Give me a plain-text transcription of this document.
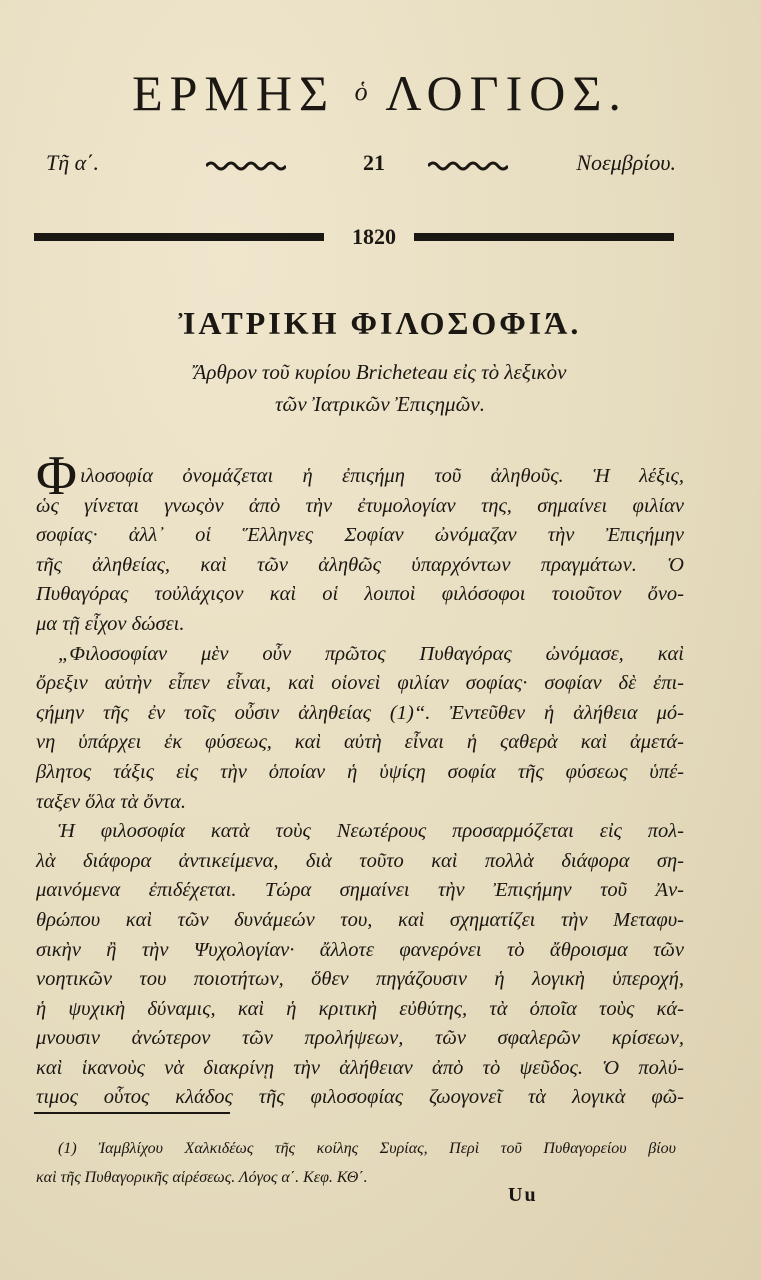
ΕΡΜΗΣ $^ὁ$ ΛΟΓΙΟΣ.
Τῆ α΄.	21	Νοεμβρίου.
1820
ἸΑΤΡΙΚΗ ΦΙΛΟΣΟΦΙΆ.
Ἄρθρον τοῦ κυρίου Bricheteau εἰς τὸ λεξικὸν
τῶν Ἰατρικῶν Ἐπιςημῶν.
Φ ιλοσοφία ὀνομάζεται ἡ ἐπιςήμη τοῦ ἀληθοῦς. Ἡ λέξις,
ὡς γίνεται γνωςὸν ἀπὸ τὴν ἐτυμολογίαν της, σημαίνει φιλίαν
σοφίας· ἀλλ᾽ οἱ Ἕλληνες Σοφίαν ὠνόμαζαν τὴν Ἐπιςήμην
τῆς ἀληθείας, καὶ τῶν ἀληθῶς ὑπαρχόντων πραγμάτων. Ὁ
Πυθαγόρας τοὐλάχιςον καὶ οἱ λοιποὶ φιλόσοφοι τοιοῦτον ὄνο-
μα τῇ εἶχον δώσει.
„Φιλοσοφίαν μὲν οὖν πρῶτος Πυθαγόρας ὠνόμασε, καὶ
ὄρεξιν αὐτὴν εἶπεν εἶναι, καὶ οἱονεὶ φιλίαν σοφίας· σοφίαν δὲ ἐπι-
ςήμην τῆς ἐν τοῖς οὖσιν ἀληθείας (1)“. Ἐντεῦθεν ἡ ἀλήθεια μό-
νη ὑπάρχει ἐκ φύσεως, καὶ αὐτὴ εἶναι ἡ ςαθερὰ καὶ ἀμετά-
βλητος τάξις εἰς τὴν ὁποίαν ἡ ὑψίςη σοφία τῆς φύσεως ὑπέ-
ταξεν ὅλα τὰ ὄντα.
Ἡ φιλοσοφία κατὰ τοὺς Νεωτέρους προσαρμόζεται εἰς πολ-
λὰ διάφορα ἀντικείμενα, διὰ τοῦτο καὶ πολλὰ διάφορα ση-
μαινόμενα ἐπιδέχεται. Τώρα σημαίνει τὴν Ἐπιςήμην τοῦ Ἀν-
θρώπου καὶ τῶν δυνάμεών του, καὶ σχηματίζει τὴν Μεταφυ-
σικὴν ἢ τὴν Ψυχολογίαν· ἄλλοτε φανερόνει τὸ ἄθροισμα τῶν
νοητικῶν του ποιοτήτων, ὅθεν πηγάζουσιν ἡ λογικὴ ὑπεροχή,
ἡ ψυχικὴ δύναμις, καὶ ἡ κριτικὴ εὐθύτης, τὰ ὁποῖα τοὺς κά-
μνουσιν ἀνώτερον τῶν προλήψεων, τῶν σφαλερῶν κρίσεων,
καὶ ἱκανοὺς νὰ διακρίνῃ τὴν ἀλήθειαν ἀπὸ τὸ ψεῦδος. Ὁ πολύ-
τιμος οὗτος κλάδος τῆς φιλοσοφίας ζωογονεῖ τὰ λογικὰ φῶ-
(1) Ἰαμβλίχου Χαλκιδέως τῆς κοίλης Συρίας, Περὶ τοῦ Πυθαγορείου βίου
καὶ τῆς Πυθαγορικῆς αἱρέσεως. Λόγος α΄. Κεφ. ΚΘ΄.
Uu
